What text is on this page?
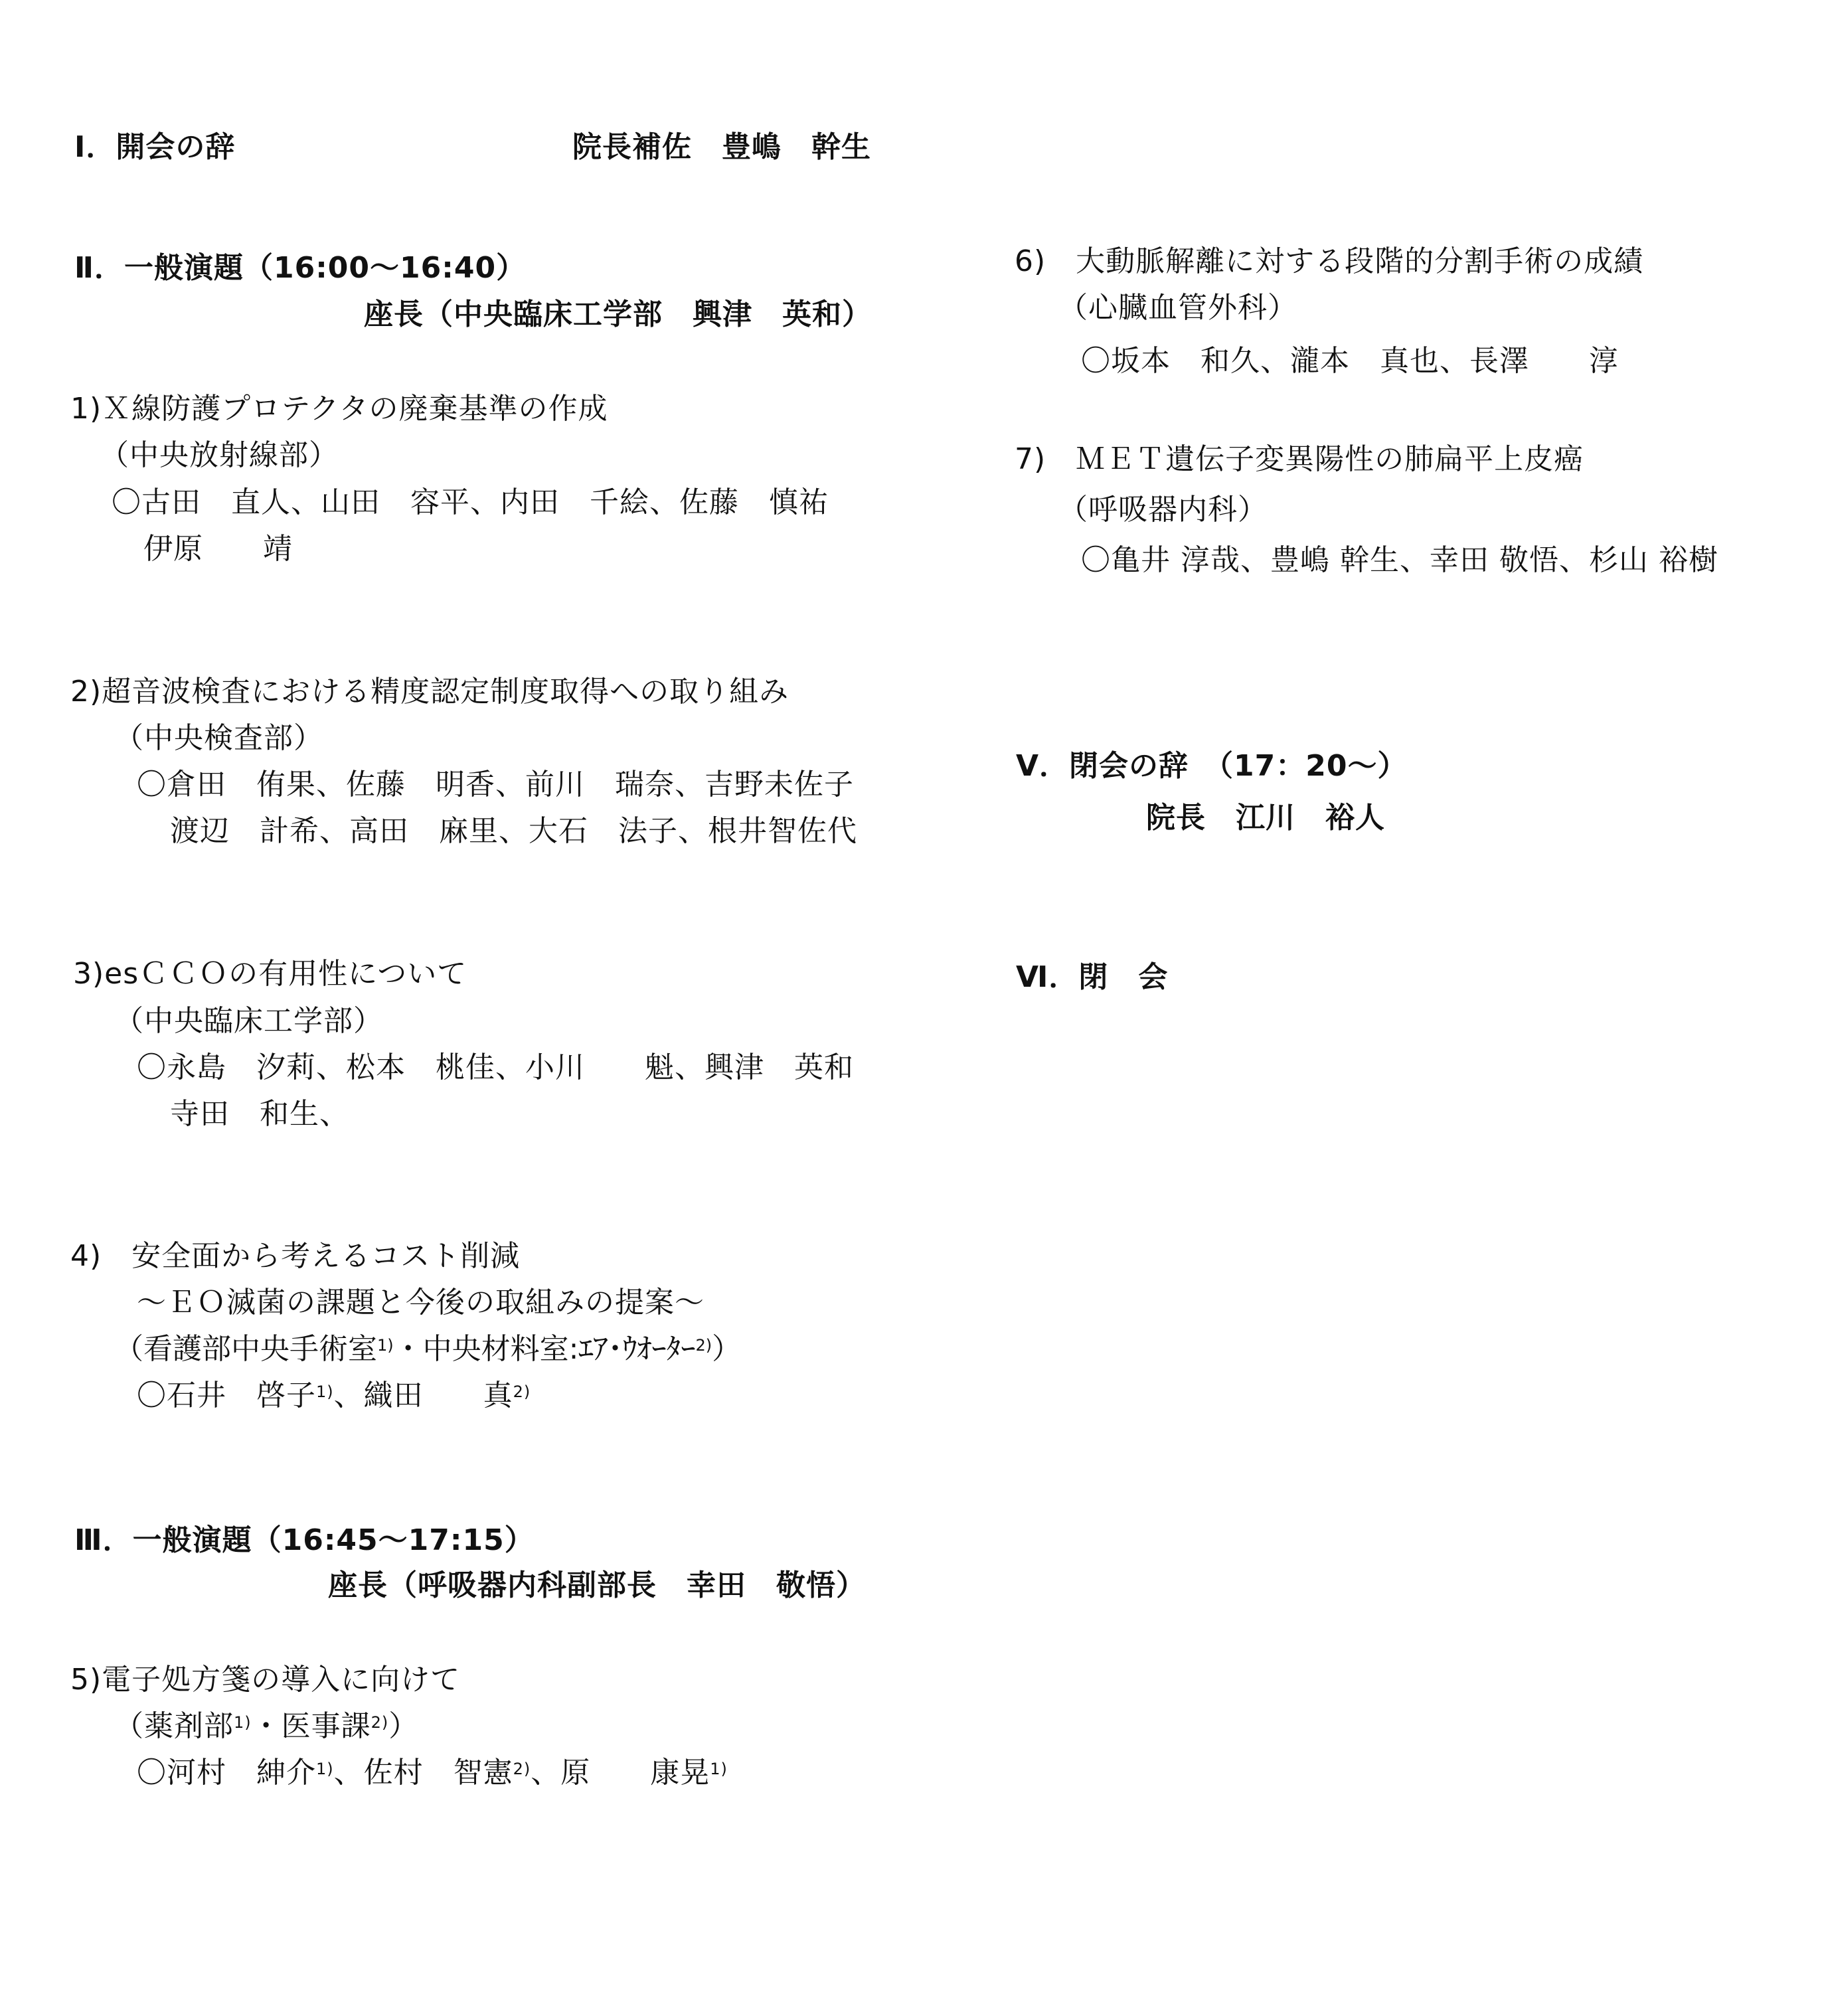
Ⅰ．開会の辞	院長補佐　豊嶋　幹生
Ⅱ．一般演題（16:00～16:40）
座長（中央臨床工学部　興津　英和）
1)Ｘ線防護プロテクタの廃棄基準の作成
（中央放射線部）
〇古田　直人、山田　容平、内田　千絵、佐藤　慎祐
伊原　　靖
2)超音波検査における精度認定制度取得への取り組み
（中央検査部）
〇倉田　侑果、佐藤　明香、前川　瑞奈、吉野未佐子
渡辺　計希、高田　麻里、大石　法子、根井智佐代
3)esＣＣＯの有用性について
（中央臨床工学部）
〇永島　汐莉、松本　桃佳、小川　　魁、興津　英和
寺田　和生、
4)　安全面から考えるコスト削減
～ＥＯ滅菌の課題と今後の取組みの提案～
（看護部中央手術室$^{1)}$・中央材料室:ｴｱ･ｳｵｰﾀｰ$^{2)}$）
〇石井　啓子$^{1)}$、織田　　真$^{2)}$
Ⅲ．一般演題（16:45～17:15）
座長（呼吸器内科副部長　幸田　敬悟）
5)電子処方箋の導入に向けて
（薬剤部$^{1)}$・医事課$^{2)}$）
〇河村　紳介$^{1)}$、佐村　智憲$^{2)}$、原　　康晃$^{1)}$
6)　大動脈解離に対する段階的分割手術の成績
（心臓血管外科）
〇坂本　和久、瀧本　真也、長澤　　淳
7)　ＭＥＴ遺伝子変異陽性の肺扁平上皮癌
（呼吸器内科）
〇亀井 淳哉、豊嶋 幹生、幸田 敬悟、杉山 裕樹
Ⅴ．閉会の辞　（17：20～）
院長　江川　裕人
Ⅵ．閉　会
